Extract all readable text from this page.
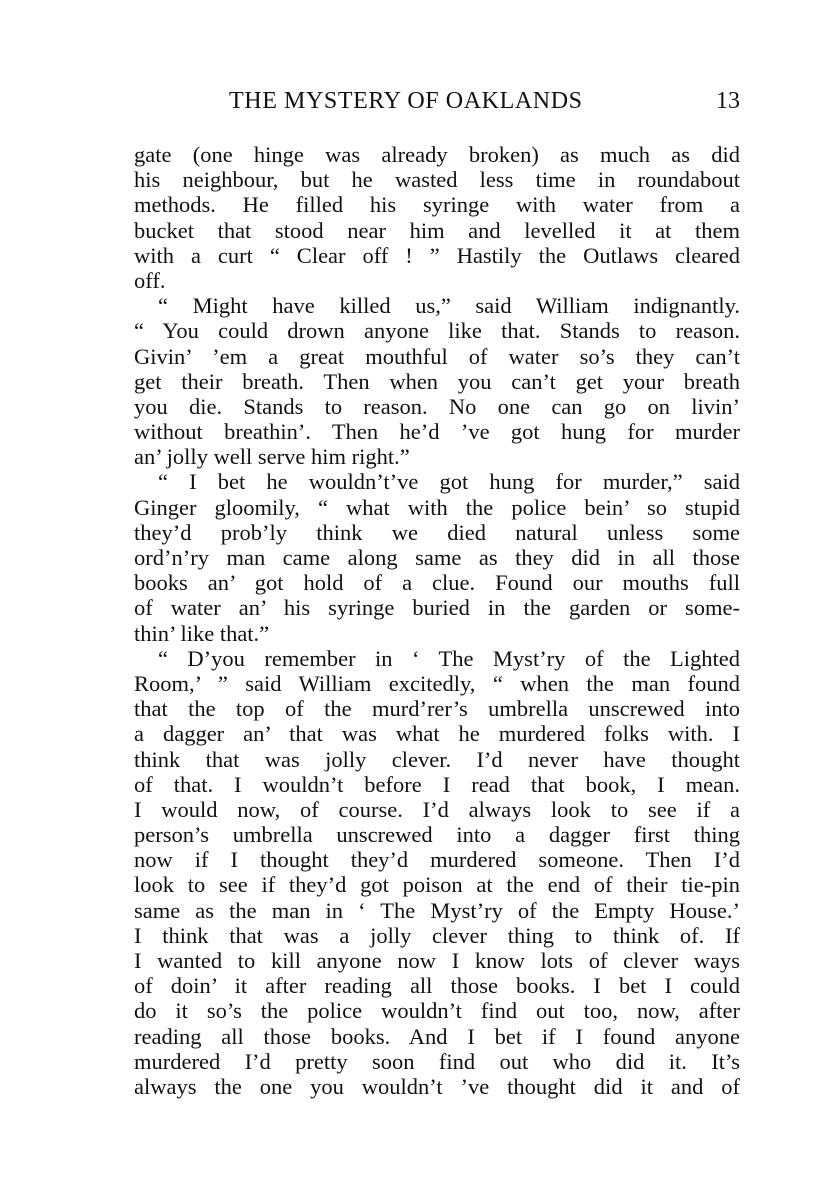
THE MYSTERY OF OAKLANDS	13
gate (one hinge was already broken) as much as did
his neighbour, but he wasted less time in roundabout
methods. He filled his syringe with water from a
bucket that stood near him and levelled it at them
with a curt “ Clear off ! ” Hastily the Outlaws cleared
off.
“ Might have killed us,” said William indignantly.
“ You could drown anyone like that. Stands to reason.
Givin’ ’em a great mouthful of water so’s they can’t
get their breath. Then when you can’t get your breath
you die. Stands to reason. No one can go on livin’
without breathin’. Then he’d ’ve got hung for murder
an’ jolly well serve him right.”
“ I bet he wouldn’t’ve got hung for murder,” said
Ginger gloomily, “ what with the police bein’ so stupid
they’d prob’ly think we died natural unless some
ord’n’ry man came along same as they did in all those
books an’ got hold of a clue. Found our mouths full
of water an’ his syringe buried in the garden or some-
thin’ like that.”
“ D’you remember in ‘ The Myst’ry of the Lighted
Room,’ ” said William excitedly, “ when the man found
that the top of the murd’rer’s umbrella unscrewed into
a dagger an’ that was what he murdered folks with. I
think that was jolly clever. I’d never have thought
of that. I wouldn’t before I read that book, I mean.
I would now, of course. I’d always look to see if a
person’s umbrella unscrewed into a dagger first thing
now if I thought they’d murdered someone. Then I’d
look to see if they’d got poison at the end of their tie-pin
same as the man in ‘ The Myst’ry of the Empty House.’
I think that was a jolly clever thing to think of. If
I wanted to kill anyone now I know lots of clever ways
of doin’ it after reading all those books. I bet I could
do it so’s the police wouldn’t find out too, now, after
reading all those books. And I bet if I found anyone
murdered I’d pretty soon find out who did it. It’s
always the one you wouldn’t ’ve thought did it and of
